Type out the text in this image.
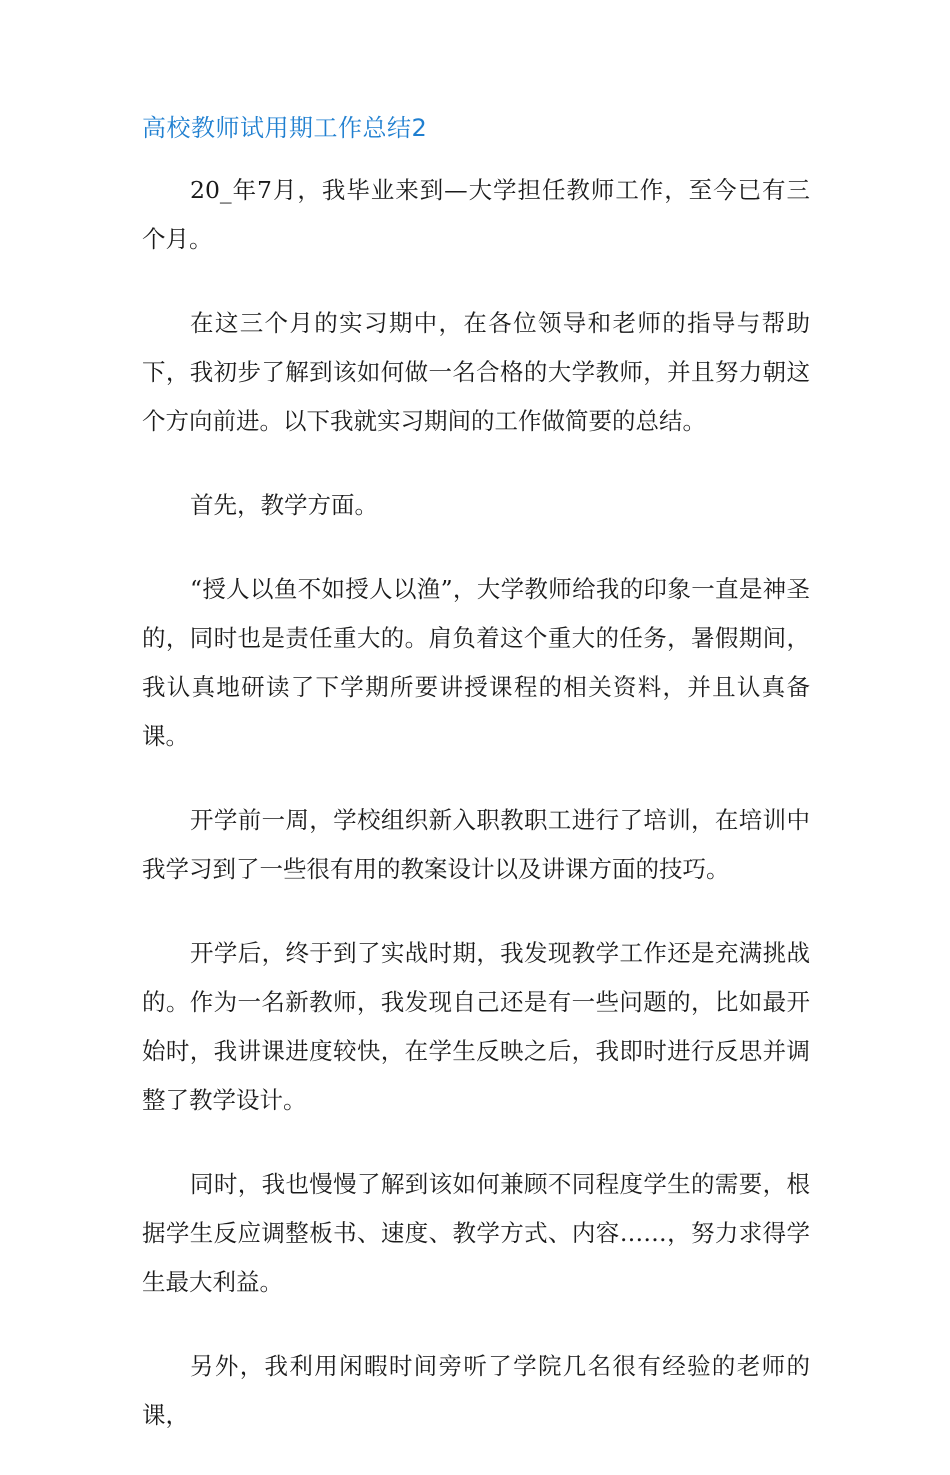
高校教师试用期工作总结2

20_年7月，我毕业来到—大学担任教师工作，至今已有三个月。

在这三个月的实习期中，在各位领导和老师的指导与帮助下，我初步了解到该如何做一名合格的大学教师，并且努力朝这个方向前进。以下我就实习期间的工作做简要的总结。

首先，教学方面。

“授人以鱼不如授人以渔”，大学教师给我的印象一直是神圣的，同时也是责任重大的。肩负着这个重大的任务，暑假期间，我认真地研读了下学期所要讲授课程的相关资料，并且认真备课。

开学前一周，学校组织新入职教职工进行了培训，在培训中我学习到了一些很有用的教案设计以及讲课方面的技巧。

开学后，终于到了实战时期，我发现教学工作还是充满挑战的。作为一名新教师，我发现自己还是有一些问题的，比如最开始时，我讲课进度较快，在学生反映之后，我即时进行反思并调整了教学设计。

同时，我也慢慢了解到该如何兼顾不同程度学生的需要，根据学生反应调整板书、速度、教学方式、内容……，努力求得学生最大利益。

另外，我利用闲暇时间旁听了学院几名很有经验的老师的课，
